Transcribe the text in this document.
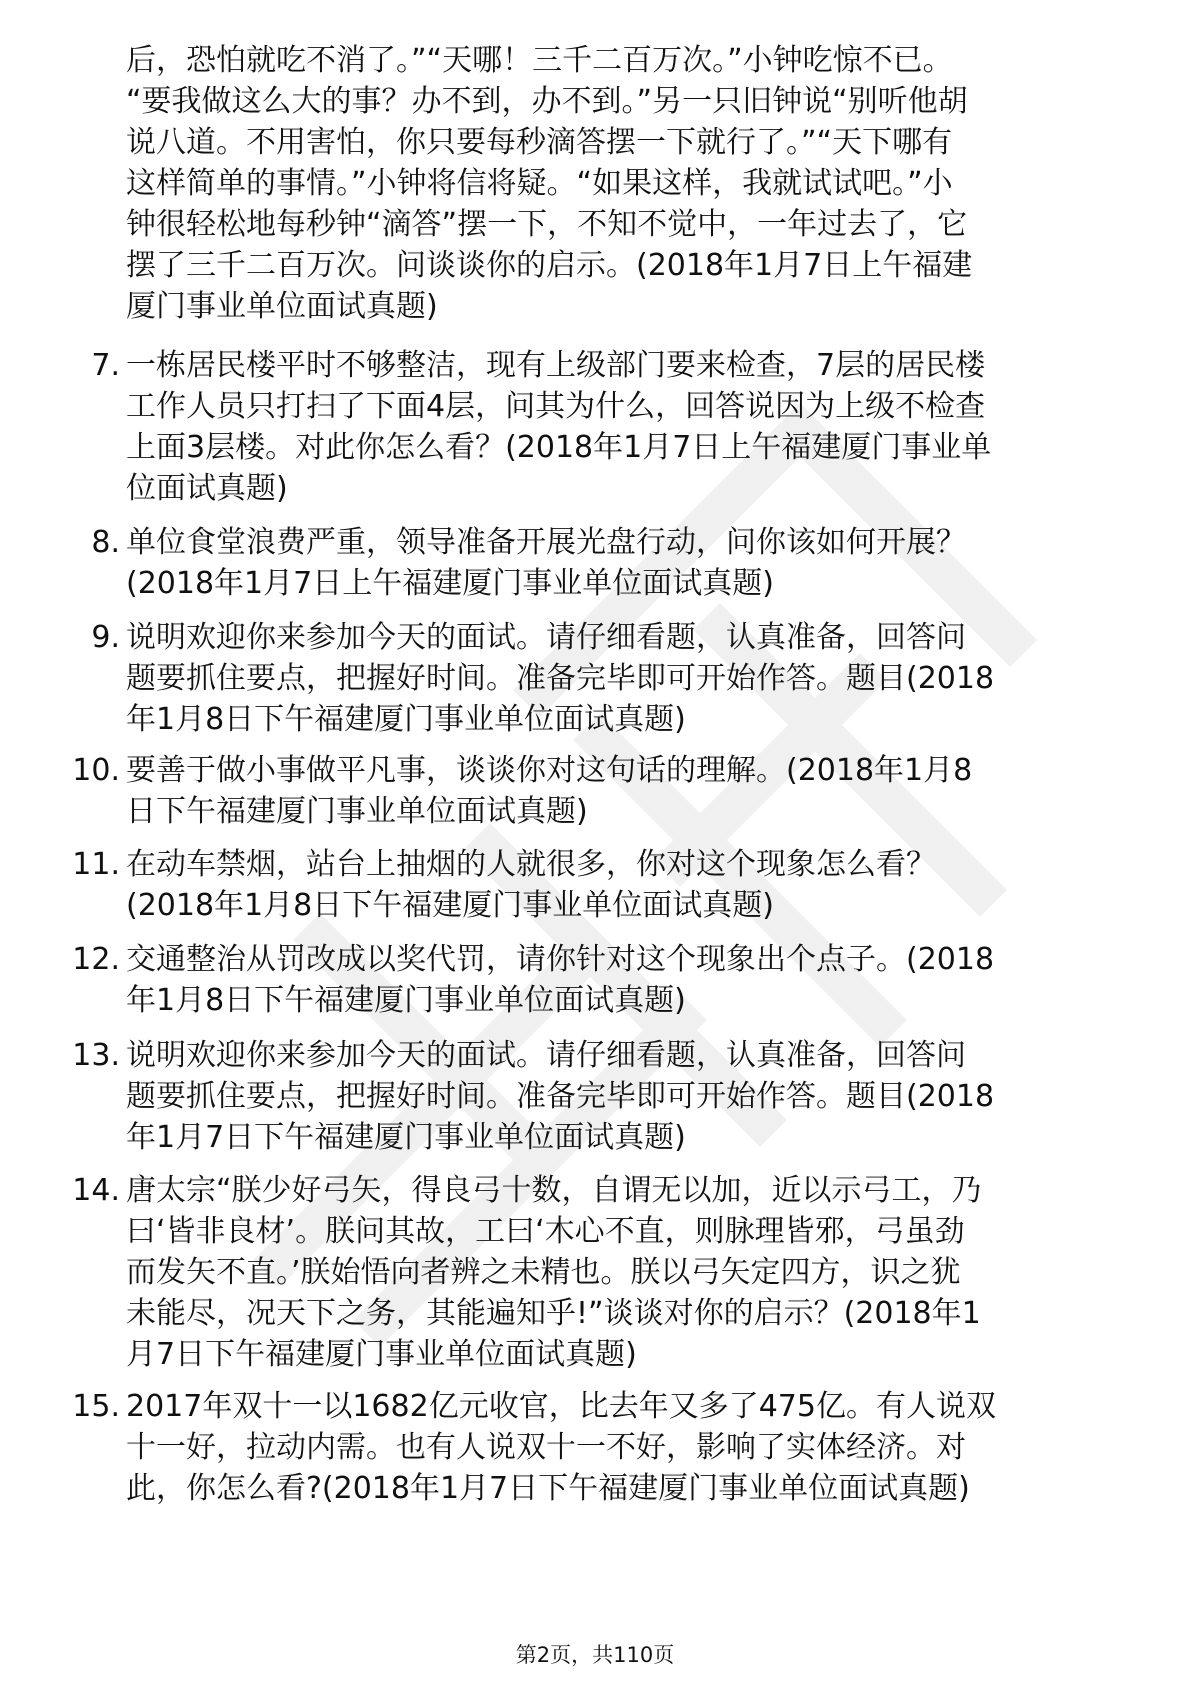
后，恐怕就吃不消了。”“天哪！三千二百万次。”小钟吃惊不已。
“要我做这么大的事？办不到，办不到。”另一只旧钟说“别听他胡
说八道。不用害怕，你只要每秒滴答摆一下就行了。”“天下哪有
这样简单的事情。”小钟将信将疑。“如果这样，我就试试吧。”小
钟很轻松地每秒钟“滴答”摆一下，不知不觉中，一年过去了，它
摆了三千二百万次。问谈谈你的启示。(2018年1月7日上午福建
厦门事业单位面试真题)
7. 一栋居民楼平时不够整洁，现有上级部门要来检查，7层的居民楼
工作人员只打扫了下面4层，问其为什么，回答说因为上级不检查
上面3层楼。对此你怎么看？(2018年1月7日上午福建厦门事业单
位面试真题)
8. 单位食堂浪费严重，领导准备开展光盘行动，问你该如何开展？
(2018年1月7日上午福建厦门事业单位面试真题)
9. 说明欢迎你来参加今天的面试。请仔细看题，认真准备，回答问
题要抓住要点，把握好时间。准备完毕即可开始作答。题目(2018
年1月8日下午福建厦门事业单位面试真题)
10. 要善于做小事做平凡事，谈谈你对这句话的理解。(2018年1月8
日下午福建厦门事业单位面试真题)
11. 在动车禁烟，站台上抽烟的人就很多，你对这个现象怎么看？
(2018年1月8日下午福建厦门事业单位面试真题)
12. 交通整治从罚改成以奖代罚，请你针对这个现象出个点子。(2018
年1月8日下午福建厦门事业单位面试真题)
13. 说明欢迎你来参加今天的面试。请仔细看题，认真准备，回答问
题要抓住要点，把握好时间。准备完毕即可开始作答。题目(2018
年1月7日下午福建厦门事业单位面试真题)
14. 唐太宗“朕少好弓矢，得良弓十数，自谓无以加，近以示弓工，乃
曰‘皆非良材’。朕问其故，工曰‘木心不直，则脉理皆邪，弓虽劲
而发矢不直。’朕始悟向者辨之未精也。朕以弓矢定四方，识之犹
未能尽，况天下之务，其能遍知乎!”谈谈对你的启示？(2018年1
月7日下午福建厦门事业单位面试真题)
15. 2017年双十一以1682亿元收官，比去年又多了475亿。有人说双
十一好，拉动内需。也有人说双十一不好，影响了实体经济。对
此，你怎么看?(2018年1月7日下午福建厦门事业单位面试真题)
第2页，共110页
